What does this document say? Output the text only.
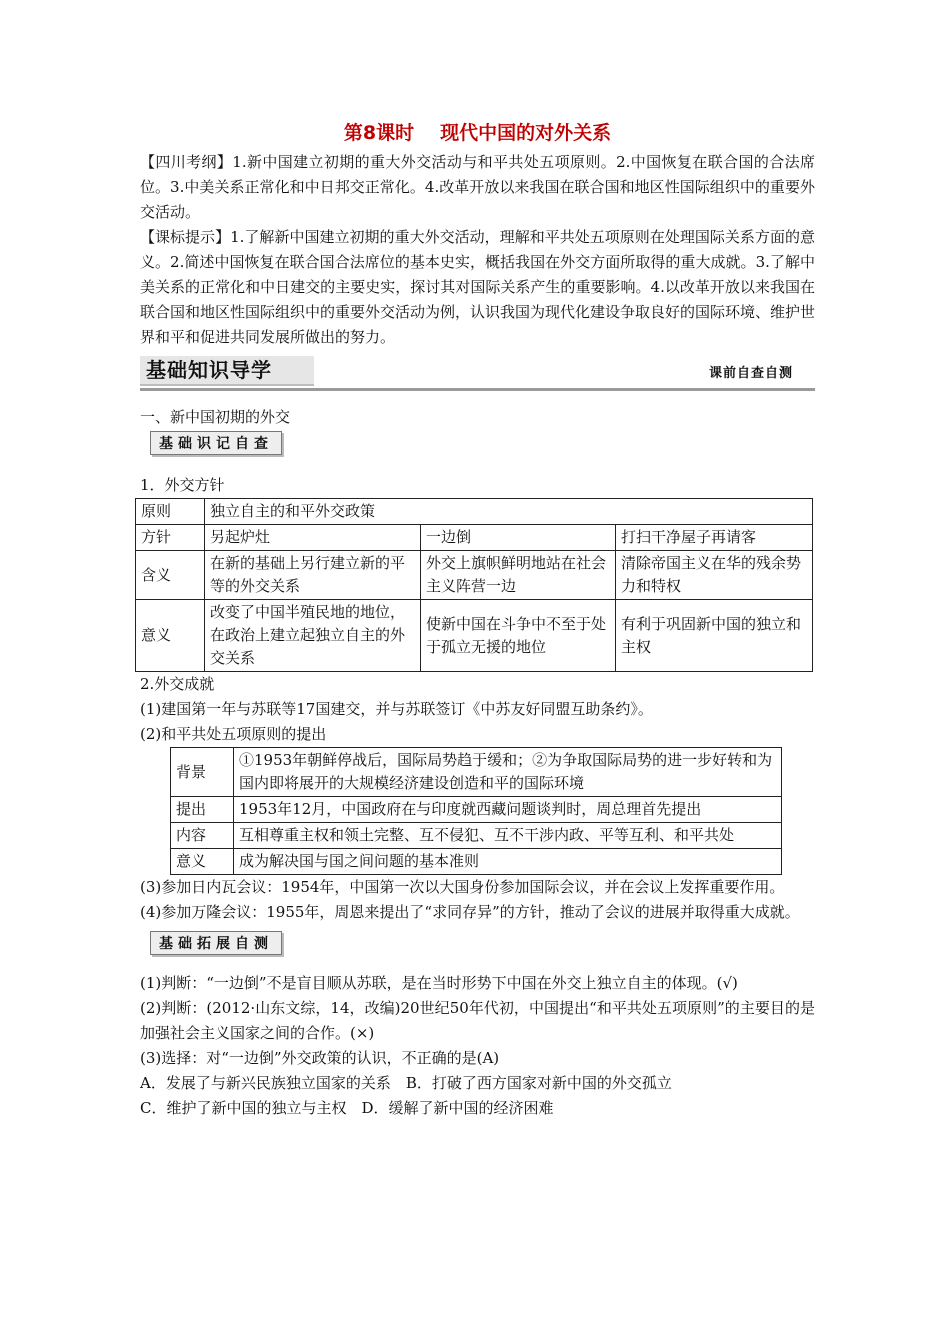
第8课时 现代中国的对外关系

【四川考纲】1.新中国建立初期的重大外交活动与和平共处五项原则。2.中国恢复在联合国的合法席位。3.中美关系正常化和中日邦交正常化。4.改革开放以来我国在联合国和地区性国际组织中的重要外交活动。

【课标提示】1.了解新中国建立初期的重大外交活动，理解和平共处五项原则在处理国际关系方面的意义。2.简述中国恢复在联合国合法席位的基本史实，概括我国在外交方面所取得的重大成就。3.了解中美关系的正常化和中日建交的主要史实，探讨其对国际关系产生的重要影响。4.以改革开放以来我国在联合国和地区性国际组织中的重要外交活动为例，认识我国为现代化建设争取良好的国际环境、维护世界和平和促进共同发展所做出的努力。

基础知识导学	课前自查自测
一、新中国初期的外交
基础识记自查
1．外交方针
原则	独立自主的和平外交政策		
方针	另起炉灶	一边倒	打扫干净屋子再请客
含义	在新的基础上另行建立新的平等的外交关系	外交上旗帜鲜明地站在社会主义阵营一边	清除帝国主义在华的残余势力和特权
意义	改变了中国半殖民地的地位，在政治上建立起独立自主的外交关系	使新中国在斗争中不至于处于孤立无援的地位	有利于巩固新中国的独立和主权
2.外交成就
(1)建国第一年与苏联等17国建交，并与苏联签订《中苏友好同盟互助条约》。
(2)和平共处五项原则的提出
背景	①1953年朝鲜停战后，国际局势趋于缓和；②为争取国际局势的进一步好转和为国内即将展开的大规模经济建设创造和平的国际环境
提出	1953年12月，中国政府在与印度就西藏问题谈判时，周总理首先提出
内容	互相尊重主权和领土完整、互不侵犯、互不干涉内政、平等互利、和平共处
意义	成为解决国与国之间问题的基本准则
(3)参加日内瓦会议：1954年，中国第一次以大国身份参加国际会议，并在会议上发挥重要作用。
(4)参加万隆会议：1955年，周恩来提出了“求同存异”的方针，推动了会议的进展并取得重大成就。
基础拓展自测
(1)判断：“一边倒”不是盲目顺从苏联，是在当时形势下中国在外交上独立自主的体现。(√)
(2)判断：(2012·山东文综，14，改编)20世纪50年代初，中国提出“和平共处五项原则”的主要目的是加强社会主义国家之间的合作。(×)
(3)选择：对“一边倒”外交政策的认识，不正确的是(A)
A．发展了与新兴民族独立国家的关系　B．打破了西方国家对新中国的外交孤立
C．维护了新中国的独立与主权　D．缓解了新中国的经济困难
